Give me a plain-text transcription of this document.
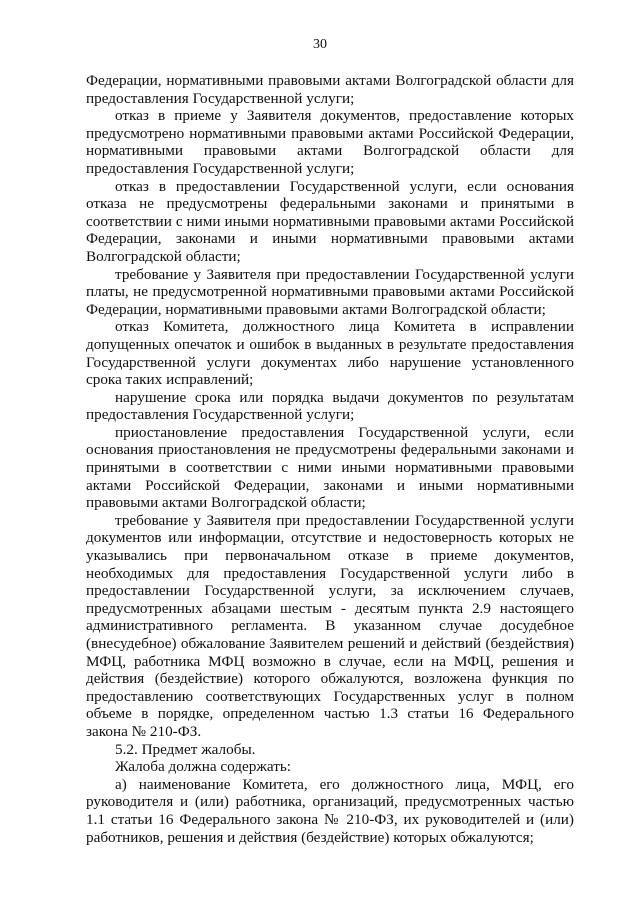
30

Федерации, нормативными правовыми актами Волгоградской области для предоставления Государственной услуги;

отказ в приеме у Заявителя документов, предоставление которых предусмотрено нормативными правовыми актами Российской Федерации, нормативными правовыми актами Волгоградской области для предоставления Государственной услуги;

отказ в предоставлении Государственной услуги, если основания отказа не предусмотрены федеральными законами и принятыми в соответствии с ними иными нормативными правовыми актами Российской Федерации, законами и иными нормативными правовыми актами Волгоградской области;

требование у Заявителя при предоставлении Государственной услуги платы, не предусмотренной нормативными правовыми актами Российской Федерации, нормативными правовыми актами Волгоградской области;

отказ Комитета, должностного лица Комитета в исправлении допущенных опечаток и ошибок в выданных в результате предоставления Государственной услуги документах либо нарушение установленного срока таких исправлений;

нарушение срока или порядка выдачи документов по результатам предоставления Государственной услуги;

приостановление предоставления Государственной услуги, если основания приостановления не предусмотрены федеральными законами и принятыми в соответствии с ними иными нормативными правовыми актами Российской Федерации, законами и иными нормативными правовыми актами Волгоградской области;

требование у Заявителя при предоставлении Государственной услуги документов или информации, отсутствие и недостоверность которых не указывались при первоначальном отказе в приеме документов, необходимых для предоставления Государственной услуги либо в предоставлении Государственной услуги, за исключением случаев, предусмотренных абзацами шестым - десятым пункта 2.9 настоящего административного регламента. В указанном случае досудебное (внесудебное) обжалование Заявителем решений и действий (бездействия) МФЦ, работника МФЦ возможно в случае, если на МФЦ, решения и действия (бездействие) которого обжалуются, возложена функция по предоставлению соответствующих Государственных услуг в полном объеме в порядке, определенном частью 1.3 статьи 16 Федерального закона № 210-ФЗ.

5.2. Предмет жалобы.

Жалоба должна содержать:

а) наименование Комитета, его должностного лица, МФЦ, его руководителя и (или) работника, организаций, предусмотренных частью 1.1 статьи 16 Федерального закона № 210-ФЗ, их руководителей и (или) работников, решения и действия (бездействие) которых обжалуются;
